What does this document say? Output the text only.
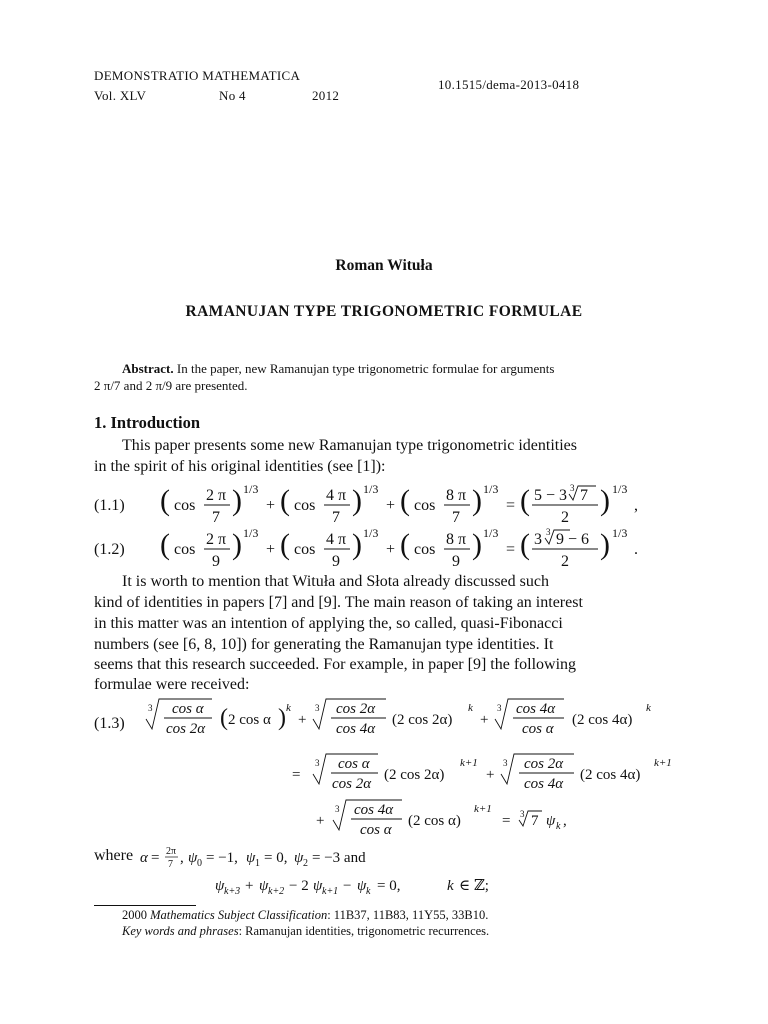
DEMONSTRATIO MATHEMATICA
Vol. XLV	No 4	2012
10.1515/dema-2013-0418
Roman Wituła
RAMANUJAN TYPE TRIGONOMETRIC FORMULAE
Abstract. In the paper, new Ramanujan type trigonometric formulae for arguments
2 π/7 and 2 π/9 are presented.
1. Introduction
This paper presents some new Ramanujan type trigonometric identities
in the spirit of his original identities (see [1]):
(1.1) ( cos
2 π
7
) 1/3
+ ( cos
4 π
7
) 1/3
+ ( cos
8 π
7
) 1/3
= ( 5 − 3 3 7
2
) 1/3
,
(1.2) ( cos
2 π
9
) 1/3
+ ( cos
4 π
9
) 1/3
+ ( cos
8 π
9
) 1/3
= ( 3 3 9 − 6
2
) 1/3
.
It is worth to mention that Wituła and Słota already discussed such
kind of identities in papers [7] and [9]. The main reason of taking an interest
in this matter was an intention of applying the, so called, quasi-Fibonacci
numbers (see [6, 8, 10]) for generating the Ramanujan type identities. It
seems that this research succeeded. For example, in paper [9] the following
formulae were received:
(1.3)
3 cos α
cos 2α ( 2 cos α ) k
+
3 cos 2α
cos 4α
(2 cos 2α)
k
+
3 cos 4α
cos α
(2 cos 4α)
k
=
3 cos α
cos 2α
(2 cos 2α)
k+1
+
3 cos 2α
cos 4α
(2 cos 4α)
k+1
+
3 cos 4α
cos α
(2 cos α)
k+1
= 3 7 ψ k ,
where α = 2π
7 , ψ 0 = −1, ψ 1 = 0, ψ 2 = −3 and
ψ k+3 + ψ k+2 − 2 ψ k+1 − ψ k = 0,	k ∈ ℤ;
2000 Mathematics Subject Classification: 11B37, 11B83, 11Y55, 33B10.
Key words and phrases: Ramanujan identities, trigonometric recurrences.
